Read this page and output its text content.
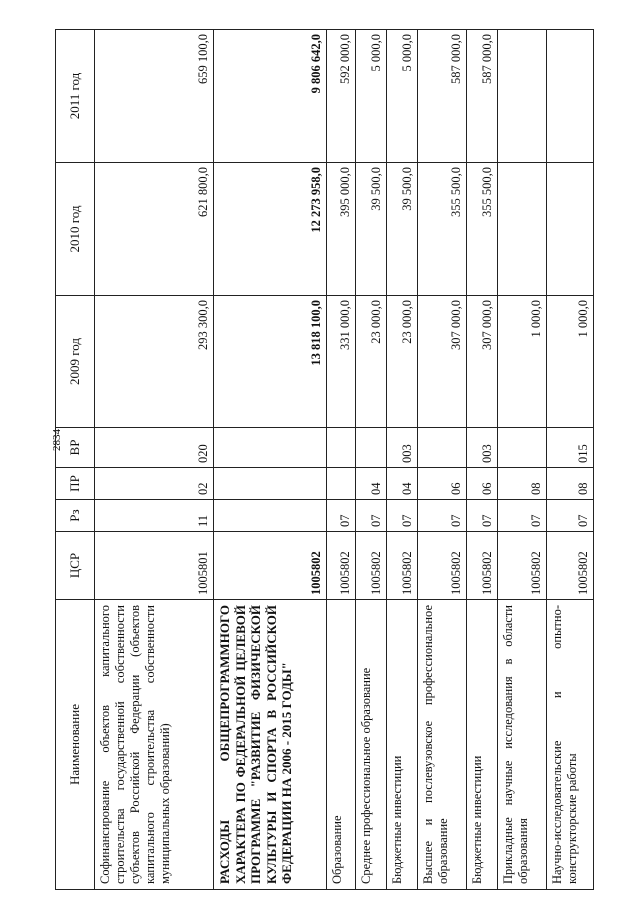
2834
Наименование	ЦСР	Рз	ПР	ВР	2009 год	2010 год	2011 год
Софинансирование объектов капитального строительства государственной собственности субъектов Российской Федерации (объектов капитального строительства собственности муниципальных образований)	1005801	11	02	020	293 300,0	621 800,0	659 100,0
РАСХОДЫ ОБЩЕПРОГРАММНОГО ХАРАКТЕРА ПО ФЕДЕРАЛЬНОЙ ЦЕЛЕВОЙ ПРОГРАММЕ "РАЗВИТИЕ ФИЗИЧЕСКОЙ КУЛЬТУРЫ И СПОРТА В РОССИЙСКОЙ ФЕДЕРАЦИИ НА 2006 - 2015 ГОДЫ"	1005802				13 818 100,0	12 273 958,0	9 806 642,0
Образование	1005802	07			331 000,0	395 000,0	592 000,0
Среднее профессиональное образование	1005802	07	04		23 000,0	39 500,0	5 000,0
Бюджетные инвестиции	1005802	07	04	003	23 000,0	39 500,0	5 000,0
Высшее и послевузовское профессиональное образование	1005802	07	06		307 000,0	355 500,0	587 000,0
Бюджетные инвестиции	1005802	07	06	003	307 000,0	355 500,0	587 000,0
Прикладные научные исследования в области образования	1005802	07	08		1 000,0		
Научно-исследовательские и опытно-конструкторские работы	1005802	07	08	015	1 000,0		
